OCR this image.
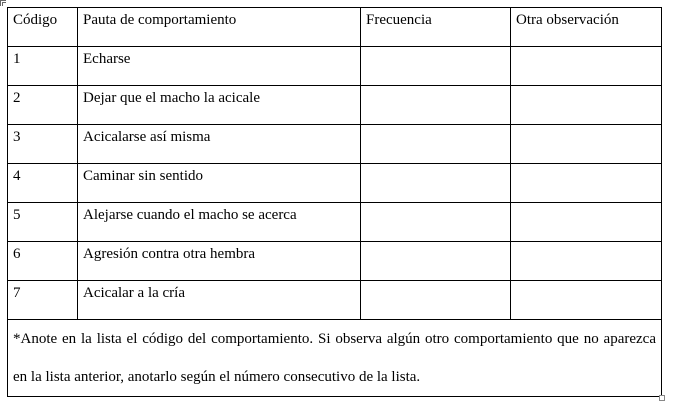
Código	Pauta de comportamiento	Frecuencia	Otra observación
1	Echarse		
2	Dejar que el macho la acicale		
3	Acicalarse así misma		
4	Caminar sin sentido		
5	Alejarse cuando el macho se acerca		
6	Agresión contra otra hembra		
7	Acicalar a la cría		
*Anote en la lista el código del comportamiento. Si observa algún otro comportamiento que no aparezca en la lista anterior, anotarlo según el número consecutivo de la lista.			
